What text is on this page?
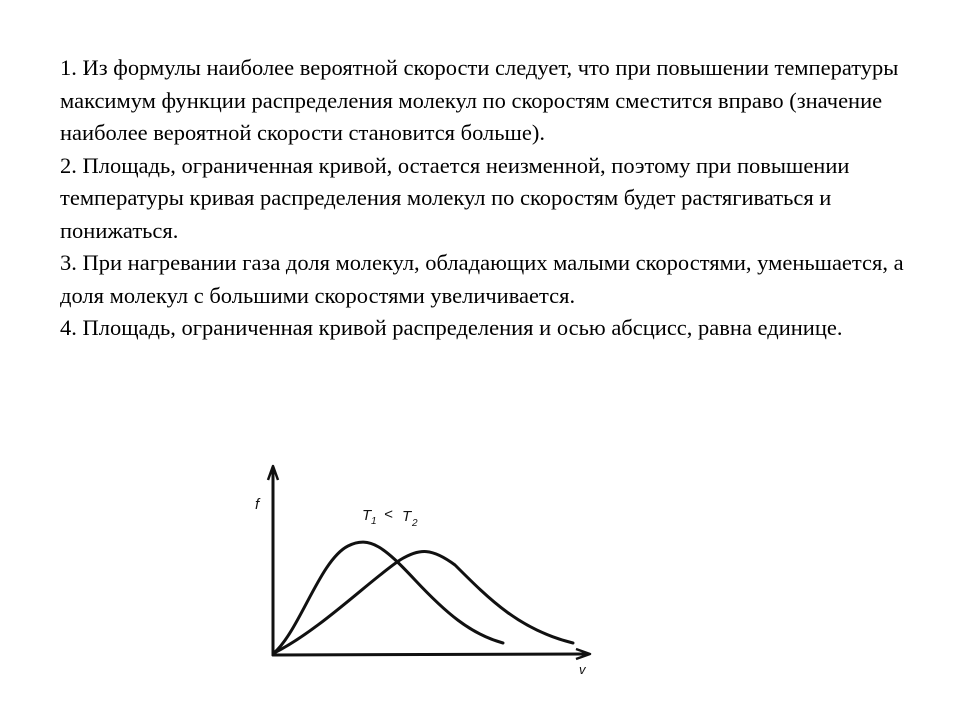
1. Из формулы наиболее вероятной скорости следует, что при повышении температуры максимум функции распределения молекул по скоростям сместится вправо (значение наиболее вероятной скорости становится больше).

2. Площадь, ограниченная кривой, остается неизменной, поэтому при повышении температуры кривая распределения молекул по скоростям будет растягиваться и понижаться.

3. При нагревании газа доля молекул, обладающих малыми скоростями, уменьшается, а доля молекул с большими скоростями увеличивается.

4. Площадь, ограниченная кривой распределения и осью абсцисс, равна единице.

f
v
T 1 < T 2
